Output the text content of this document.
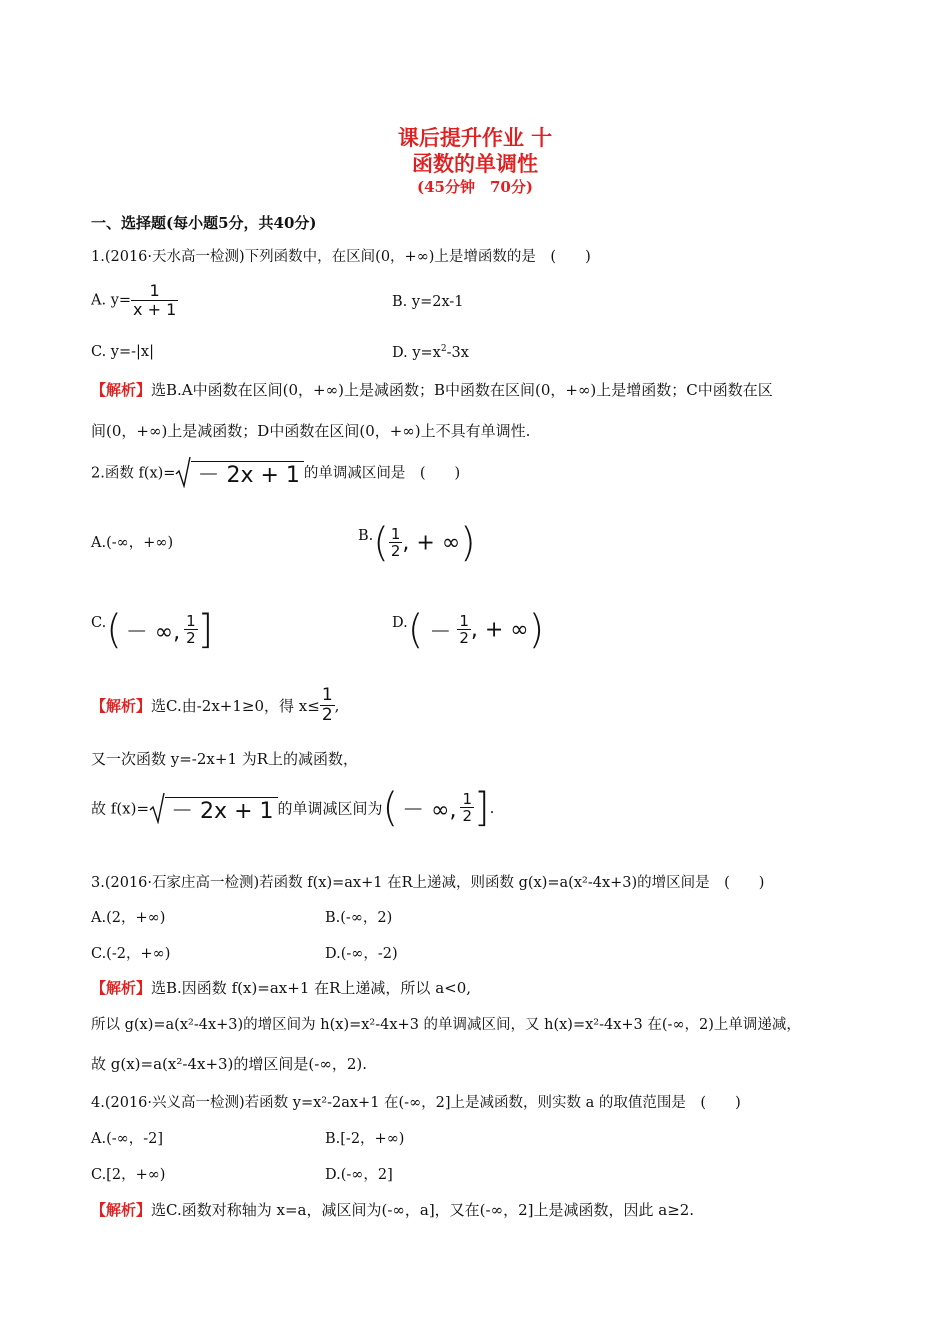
课后提升作业 十
函数的单调性
(45分钟　70分)
一、选择题(每小题5分，共40分)
1.(2016·天水高一检测)下列函数中，在区间(0，+∞)上是增函数的是　(　　)
A. $y= \frac{1}{x + 1}$	B. y=2x-1
C. y=-|x|	D. $y=x^2-3x$
【解析】选B.A中函数在区间(0，+∞)上是减函数；B中函数在区间(0，+∞)上是增函数；C中函数在区
间(0，+∞)上是减函数；D中函数在区间(0，+∞)上不具有单调性.
2.函数 f(x)= － 2x + 1 的单调减区间是　(　　)
A.(-∞，+∞)	$B.( \frac{1}{2}$ , + ∞)
C.( － ∞, $\frac{1}{2}$ ]	$D.( - \frac{1}{2}$ , + ∞)
【解析】选C.由-2x+1≥0，得 $x\le \frac{1}{2}$ ,
又一次函数 y=-2x+1 为R上的减函数，
故 f(x)= － 2x + 1 的单调减区间为( － ∞, $\frac{1}{2}$ ].
3.(2016·石家庄高一检测)若函数 f(x)=ax+1 在R上递减，则函数 g(x)=a(x²-4x+3)的增区间是　(　　)
A.(2，+∞)	B.(-∞，2)
C.(-2，+∞)	D.(-∞，-2)
【解析】选B.因函数 f(x)=ax+1 在R上递减，所以 a<0,
所以 g(x)=a(x²-4x+3)的增区间为 h(x)=x²-4x+3 的单调减区间，又 h(x)=x²-4x+3 在(-∞，2)上单调递减，
故 g(x)=a(x²-4x+3)的增区间是(-∞，2).
4.(2016·兴义高一检测)若函数 y=x²-2ax+1 在(-∞，2]上是减函数，则实数 a 的取值范围是　(　　)
A.(-∞，-2]	B.[-2，+∞)
C.[2，+∞)	D.(-∞，2]
【解析】选C.函数对称轴为 x=a，减区间为(-∞，a]，又在(-∞，2]上是减函数，因此 a≥2.
